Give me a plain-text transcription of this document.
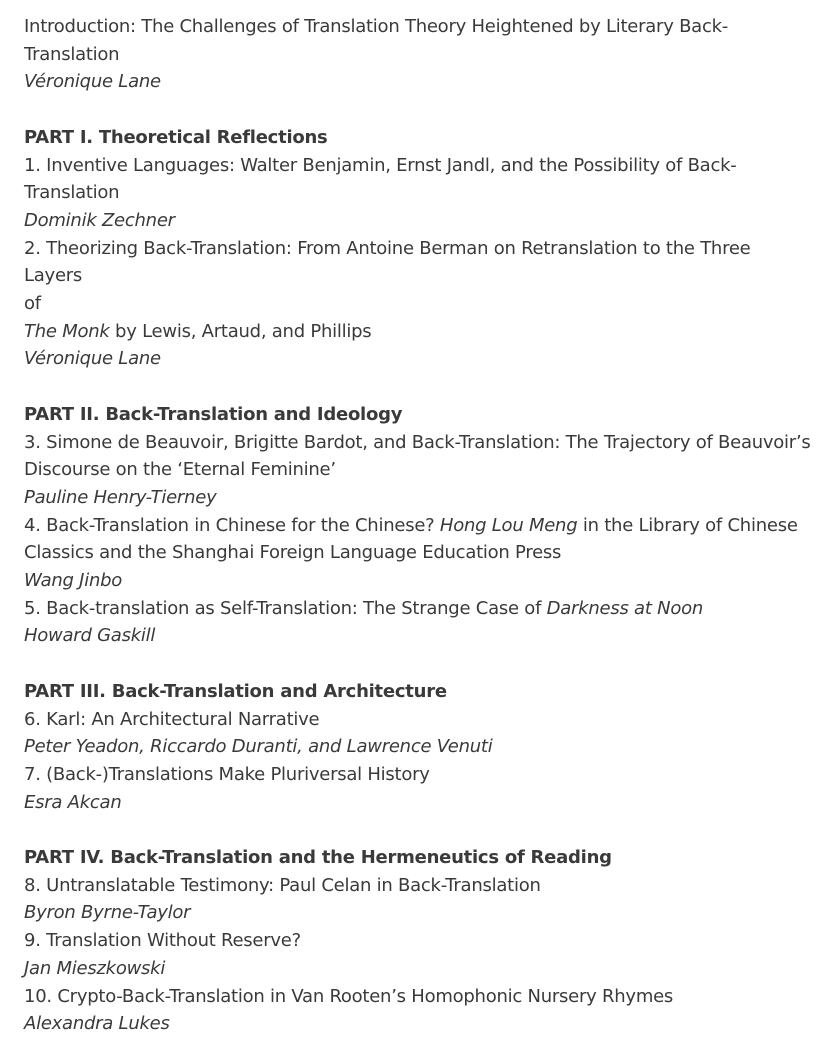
Introduction: The Challenges of Translation Theory Heightened by Literary Back-Translation
Véronique Lane
PART I. Theoretical Reflections
1. Inventive Languages: Walter Benjamin, Ernst Jandl, and the Possibility of Back-
Translation
Dominik Zechner
2. Theorizing Back-Translation: From Antoine Berman on Retranslation to the Three Layers
of
The Monk by Lewis, Artaud, and Phillips
Véronique Lane
PART II. Back-Translation and Ideology
3. Simone de Beauvoir, Brigitte Bardot, and Back-Translation: The Trajectory of Beauvoir’s
Discourse on the ‘Eternal Feminine’
Pauline Henry-Tierney
4. Back-Translation in Chinese for the Chinese? Hong Lou Meng in the Library of Chinese
Classics and the Shanghai Foreign Language Education Press
Wang Jinbo
5. Back-translation as Self-Translation: The Strange Case of Darkness at Noon
Howard Gaskill
PART III. Back-Translation and Architecture
6. Karl: An Architectural Narrative
Peter Yeadon, Riccardo Duranti, and Lawrence Venuti
7. (Back-)Translations Make Pluriversal History
Esra Akcan
PART IV. Back-Translation and the Hermeneutics of Reading
8. Untranslatable Testimony: Paul Celan in Back-Translation
Byron Byrne-Taylor
9. Translation Without Reserve?
Jan Mieszkowski
10. Crypto-Back-Translation in Van Rooten’s Homophonic Nursery Rhymes
Alexandra Lukes
